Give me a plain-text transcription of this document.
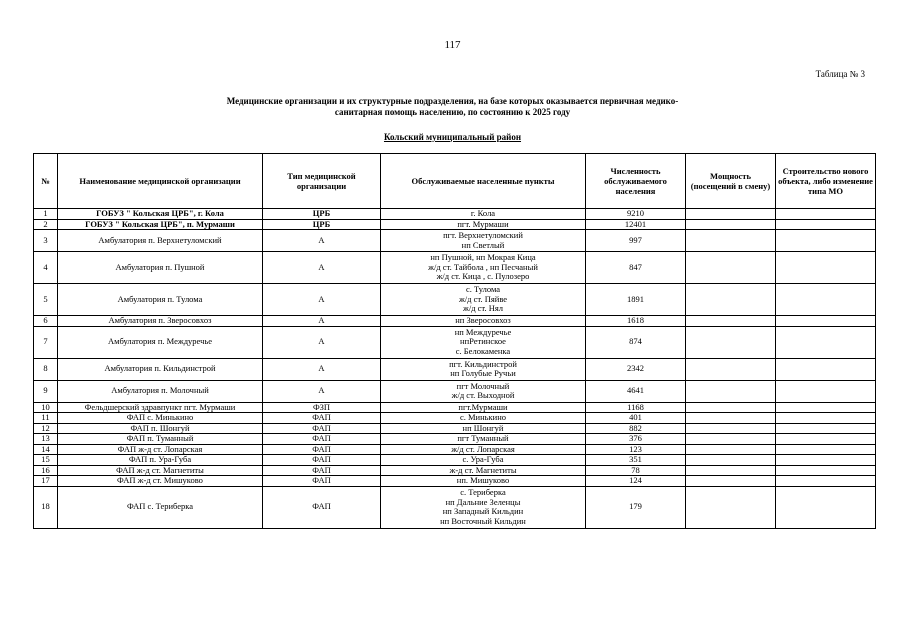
117
Таблица № 3
Медицинские организации и их структурные подразделения, на базе которых оказывается первичная медико-
санитарная помощь населению, по состоянию к 2025 году
Кольский муниципальный район
№	Наименование медицинской организации	Тип медицинской организации	Обслуживаемые населенные пункты	Численность обслуживаемого населения	Мощность (посещений в смену)	Строительство нового объекта, либо изменение типа МО
1	ГОБУЗ " Кольская ЦРБ", г. Кола	ЦРБ	г. Кола	9210		
2	ГОБУЗ " Кольская ЦРБ", п. Мурмаши	ЦРБ	пгт. Мурмаши	12401		
3	Амбулатория п. Верхнетуломский	А	пгт. Верхнетуломский
нп Светлый	997		
4	Амбулатория п. Пушной	А	нп Пушной, нп Мокрая Кица
ж/д ст. Тайбола , нп Песчаный
ж/д ст. Кица , с. Пулозеро	847		
5	Амбулатория п. Тулома	А	с. Тулома
ж/д ст. Пяйве
ж/д ст. Нял	1891		
6	Амбулатория п. Зверосовхоз	А	нп Зверосовхоз	1618		
7	Амбулатория п. Междуречье	А	нп Междуречье
нпРетинское
с. Белокаменка	874		
8	Амбулатория п. Кильдинстрой	А	пгт. Кильдинстрой
нп Голубые Ручьи	2342		
9	Амбулатория п. Молочный	А	пгт Молочный
ж/д ст. Выходной	4641		
10	Фельдшерский здравпункт пгт. Мурмаши	ФЗП	пгт.Мурмаши	1168		
11	ФАП с. Минькино	ФАП	с. Минькино	401		
12	ФАП п. Шонгуй	ФАП	нп Шонгуй	882		
13	ФАП п. Туманный	ФАП	пгт Туманный	376		
14	ФАП ж-д ст. Лопарская	ФАП	ж/д ст. Лопарская	123		
15	ФАП п. Ура-Губа	ФАП	с. Ура-Губа	351		
16	ФАП ж-д ст. Магнетиты	ФАП	ж-д ст. Магнетиты	78		
17	ФАП ж-д ст. Мишуково	ФАП	нп. Мишуково	124		
18	ФАП с. Териберка	ФАП	с. Териберка
нп Дальние Зеленцы
нп Западный Кильдин
нп Восточный Кильдин	179		
